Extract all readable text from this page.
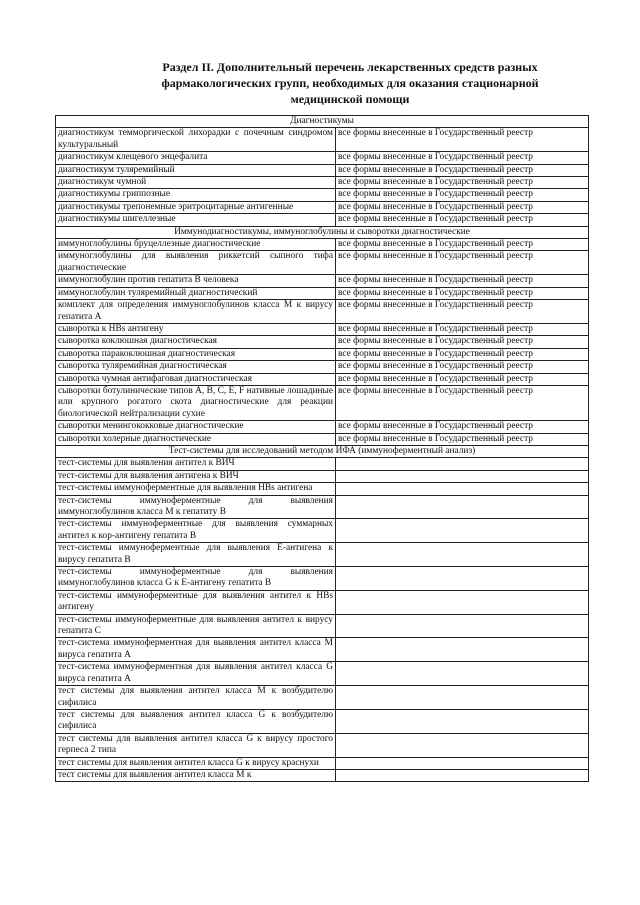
Раздел II. Дополнительный перечень лекарственных средств разных
фармакологических групп, необходимых для оказания стационарной
медицинской помощи
Диагностикумы	
диагностикум темморгической лихорадки с почечным синдромом культуральный	все формы внесенные в Государственный реестр
диагностикум клещевого энцефалита	все формы внесенные в Государственный реестр
диагностикум туляремийный	все формы внесенные в Государственный реестр
диагностикум чумной	все формы внесенные в Государственный реестр
диагностикумы гриппозные	все формы внесенные в Государственный реестр
диагностикумы трепонемные эритроцитарные антигенные	все формы внесенные в Государственный реестр
диагностикумы шигеллезные	все формы внесенные в Государственный реестр
Иммунодиагностикумы, иммуноглобулины и сыворотки диагностические	
иммуноглобулины бруцеллезные диагностические	все формы внесенные в Государственный реестр
иммуноглобулины для выявления риккетсий сыпного тифа диагностические	все формы внесенные в Государственный реестр
иммуноглобулин против гепатита В человека	все формы внесенные в Государственный реестр
иммуноглобулин туляремийный диагностический	все формы внесенные в Государственный реестр
комплект для определения иммуноглобулинов класса М к вирусу гепатита А	все формы внесенные в Государственный реестр
сыворотка к HBs антигену	все формы внесенные в Государственный реестр
сыворотка коклюшная диагностическая	все формы внесенные в Государственный реестр
сыворотка паракоклюшная диагностическая	все формы внесенные в Государственный реестр
сыворотка туляремийная диагностическая	все формы внесенные в Государственный реестр
сыворотка чумная антифаговая диагностическая	все формы внесенные в Государственный реестр
сыворотки ботулинические типов А, В, С, Е, F нативные лошадиные или крупного рогатого скота диагностические для реакции биологической нейтрализации сухие	все формы внесенные в Государственный реестр
сыворотки менингококковые диагностические	все формы внесенные в Государственный реестр
сыворотки холерные диагностические	все формы внесенные в Государственный реестр
Тест-системы для исследований методом ИФА (иммуноферментный анализ)	
тест-системы для выявления антител к ВИЧ	
тест-системы для выявления антигена к ВИЧ	
тест-системы иммуноферментные для выявления HBs антигена	
тест-системы иммуноферментные для выявления иммуноглобулинов класса М к гепатиту В	
тест-системы иммуноферментные для выявления суммарных антител к кор-антигену гепатита В	
тест-системы иммуноферментные для выявления Е-антигена к вирусу гепатита В	
тест-системы иммуноферментные для выявления иммуноглобулинов класса G к Е-антигену гепатита В	
тест-системы иммуноферментные для выявления антител к HBs антигену	
тест-системы иммуноферментные для выявления антител к вирусу гепатита С	
тест-система иммуноферментная для выявления антител класса М вируса гепатита А	
тест-система иммуноферментная для выявления антител класса G вируса гепатита А	
тест системы для выявления антител класса М к возбудителю сифилиса	
тест системы для выявления антител класса G к возбудителю сифилиса	
тест системы для выявления антител класса G к вирусу простого герпеса 2 типа	
тест системы для выявления антител класса G к вирусу краснухи	
тест системы для выявления антител класса М к	
